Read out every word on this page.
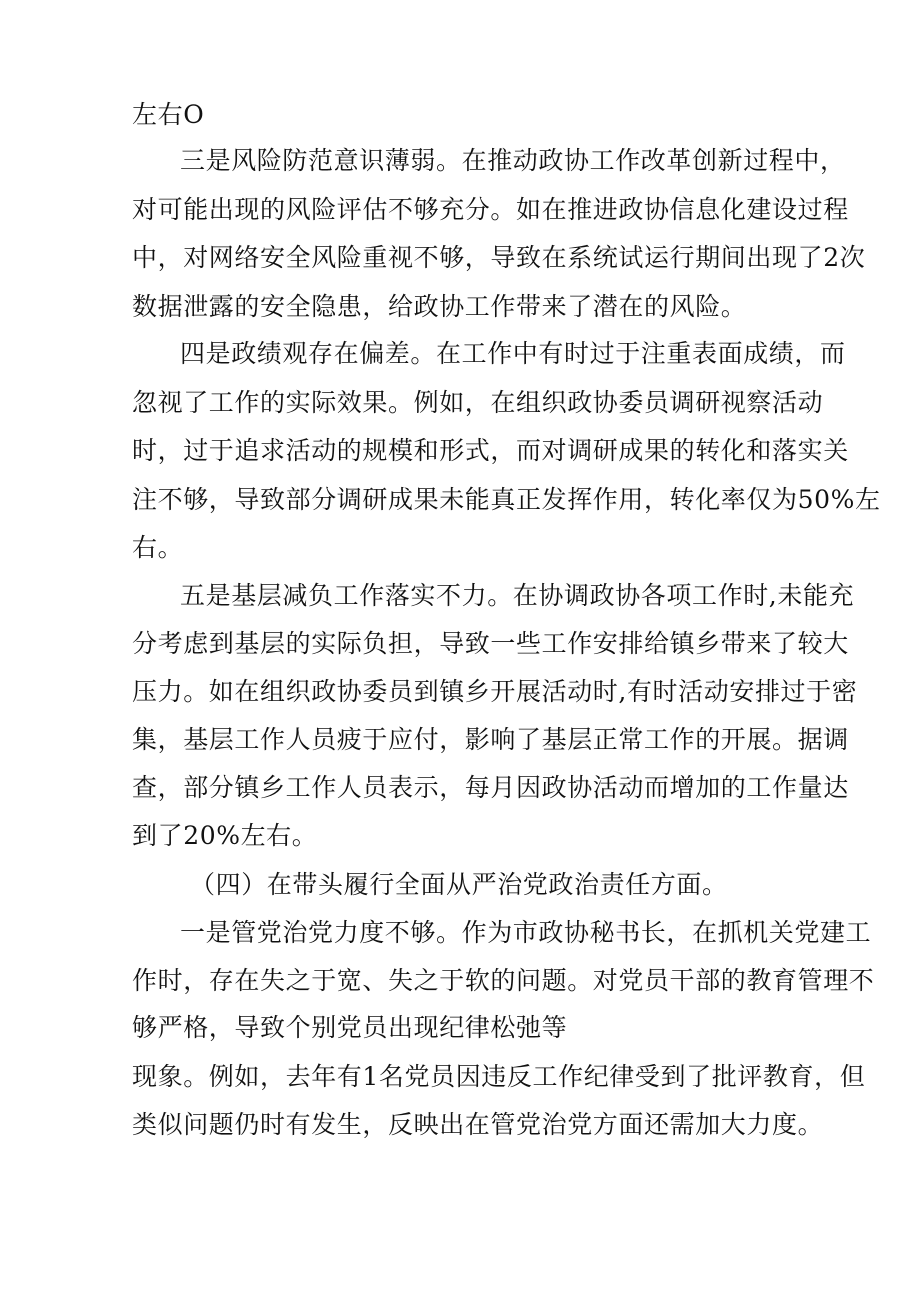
左右O
三是风险防范意识薄弱。在推动政协工作改革创新过程中，
对可能出现的风险评估不够充分。如在推进政协信息化建设过程
中，对网络安全风险重视不够，导致在系统试运行期间出现了2次
数据泄露的安全隐患，给政协工作带来了潜在的风险。
四是政绩观存在偏差。在工作中有时过于注重表面成绩，而
忽视了工作的实际效果。例如，在组织政协委员调研视察活动
时，过于追求活动的规模和形式，而对调研成果的转化和落实关
注不够，导致部分调研成果未能真正发挥作用，转化率仅为50%左
右。
五是基层减负工作落实不力。在协调政协各项工作时,未能充
分考虑到基层的实际负担，导致一些工作安排给镇乡带来了较大
压力。如在组织政协委员到镇乡开展活动时,有时活动安排过于密
集，基层工作人员疲于应付，影响了基层正常工作的开展。据调
查，部分镇乡工作人员表示，每月因政协活动而增加的工作量达
到了20%左右。
（四）在带头履行全面从严治党政治责任方面。
一是管党治党力度不够。作为市政协秘书长，在抓机关党建工
作时，存在失之于宽、失之于软的问题。对党员干部的教育管理不
够严格，导致个别党员出现纪律松弛等
现象。例如，去年有1名党员因违反工作纪律受到了批评教育，但
类似问题仍时有发生，反映出在管党治党方面还需加大力度。
